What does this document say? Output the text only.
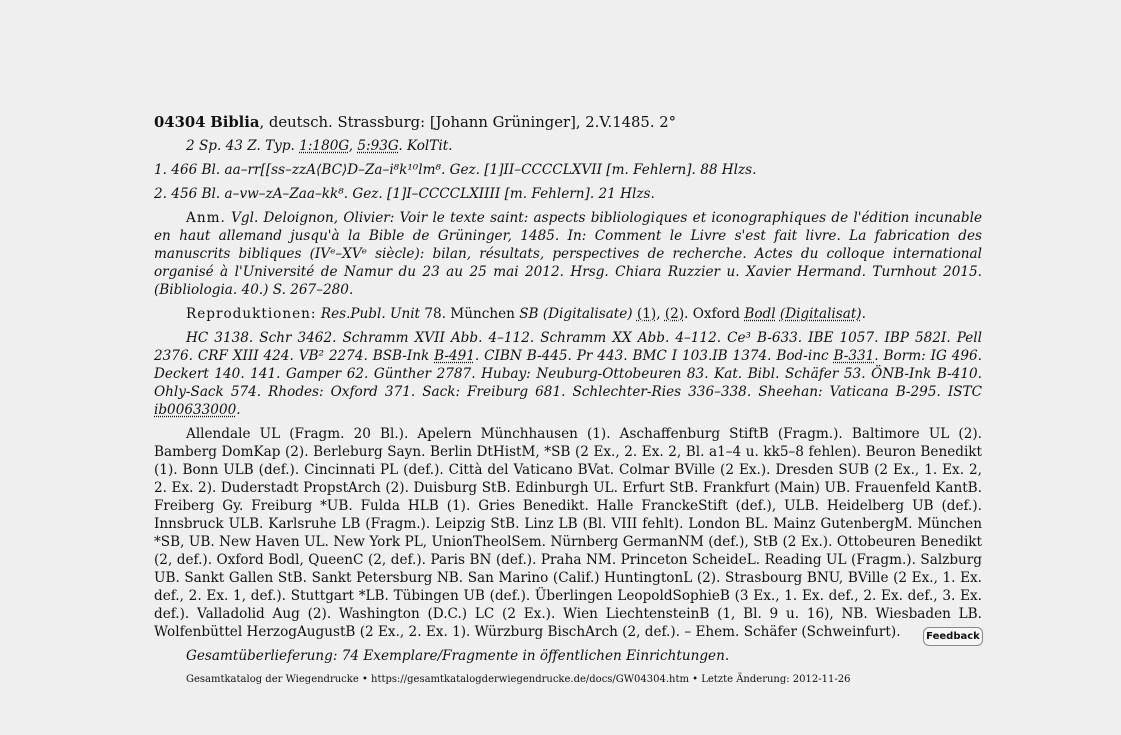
04304 Biblia, deutsch. Strassburg: [Johann Grüninger], 2.V.1485. 2°
2 Sp. 43 Z. Typ. 1:180G, 5:93G. KolTit.
1. 466 Bl. aa–rr[[ss–zzA⟨BC⟩D–Za–i⁸k¹⁰lm⁸. Gez. [1]II–CCCCLXVII [m. Fehlern]. 88 Hlzs.
2. 456 Bl. a–vw–zA–Zaa–kk⁸. Gez. [1]I–CCCCLXIIII [m. Fehlern]. 21 Hlzs.

Anm. Vgl. Deloignon, Olivier: Voir le texte saint: aspects bibliologiques et iconographiques de l'édition incunable en haut allemand jusqu'à la Bible de Grüninger, 1485. In: Comment le Livre s'est fait livre. La fabrication des manuscrits bibliques (IVᵉ–XVᵉ siècle): bilan, résultats, perspectives de recherche. Actes du colloque international organisé à l'Université de Namur du 23 au 25 mai 2012. Hrsg. Chiara Ruzzier u. Xavier Hermand. Turnhout 2015. (Bibliologia. 40.) S. 267–280.

Reproduktionen: Res.Publ. Unit 78. München SB (Digitalisate) (1), (2). Oxford Bodl (Digitalisat).

HC 3138. Schr 3462. Schramm XVII Abb. 4–112. Schramm XX Abb. 4–112. Ce³ B-633. IBE 1057. IBP 582I. Pell 2376. CRF XIII 424. VB² 2274. BSB-Ink B-491. CIBN B-445. Pr 443. BMC I 103.IB 1374. Bod-inc B-331. Borm: IG 496. Deckert 140. 141. Gamper 62. Günther 2787. Hubay: Neuburg-Ottobeuren 83. Kat. Bibl. Schäfer 53. ÖNB-Ink B-410. Ohly-Sack 574. Rhodes: Oxford 371. Sack: Freiburg 681. Schlechter-Ries 336–338. Sheehan: Vaticana B-295. ISTC ib00633000.

Allendale UL (Fragm. 20 Bl.). Apelern Münchhausen (1). Aschaffenburg StiftB (Fragm.). Baltimore UL (2). Bamberg DomKap (2). Berleburg Sayn. Berlin DtHistM, *SB (2 Ex., 2. Ex. 2, Bl. a1–4 u. kk5–8 fehlen). Beuron Benedikt (1). Bonn ULB (def.). Cincinnati PL (def.). Città del Vaticano BVat. Colmar BVille (2 Ex.). Dresden SUB (2 Ex., 1. Ex. 2, 2. Ex. 2). Duderstadt PropstArch (2). Duisburg StB. Edinburgh UL. Erfurt StB. Frankfurt (Main) UB. Frauenfeld KantB. Freiberg Gy. Freiburg *UB. Fulda HLB (1). Gries Benedikt. Halle FranckeStift (def.), ULB. Heidelberg UB (def.). Innsbruck ULB. Karlsruhe LB (Fragm.). Leipzig StB. Linz LB (Bl. VIII fehlt). London BL. Mainz GutenbergM. München *SB, UB. New Haven UL. New York PL, UnionTheolSem. Nürnberg GermanNM (def.), StB (2 Ex.). Ottobeuren Benedikt (2, def.). Oxford Bodl, QueenC (2, def.). Paris BN (def.). Praha NM. Princeton ScheideL. Reading UL (Fragm.). Salzburg UB. Sankt Gallen StB. Sankt Petersburg NB. San Marino (Calif.) HuntingtonL (2). Strasbourg BNU, BVille (2 Ex., 1. Ex. def., 2. Ex. 1, def.). Stuttgart *LB. Tübingen UB (def.). Überlingen LeopoldSophieB (3 Ex., 1. Ex. def., 2. Ex. def., 3. Ex. def.). Valladolid Aug (2). Washington (D.C.) LC (2 Ex.). Wien LiechtensteinB (1, Bl. 9 u. 16), NB. Wiesbaden LB. Wolfenbüttel HerzogAugustB (2 Ex., 2. Ex. 1). Würzburg BischArch (2, def.). – Ehem. Schäfer (Schweinfurt).

Gesamtüberlieferung: 74 Exemplare/Fragmente in öffentlichen Einrichtungen.

Gesamtkatalog der Wiegendrucke • https://gesamtkatalogderwiegendrucke.de/docs/GW04304.htm • Letzte Änderung: 2012-11-26
Feedback
